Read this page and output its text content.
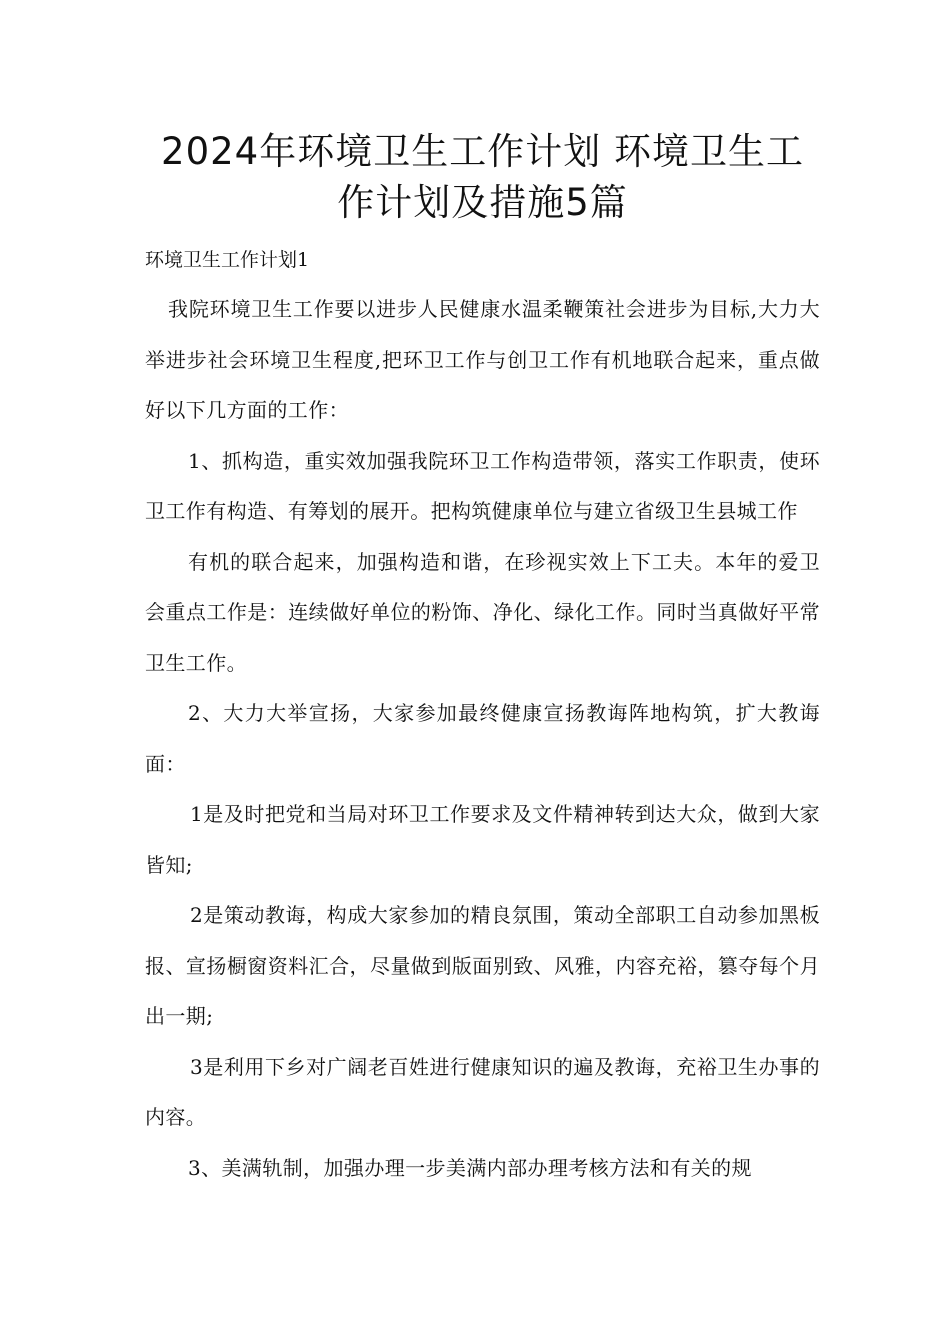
2024年环境卫生工作计划 环境卫生工
作计划及措施5篇
环境卫生工作计划1

我院环境卫生工作要以进步人民健康水温柔鞭策社会进步为目标,大力大举进步社会环境卫生程度,把环卫工作与创卫工作有机地联合起来，重点做好以下几方面的工作：

1、抓构造，重实效加强我院环卫工作构造带领，落实工作职责，使环卫工作有构造、有筹划的展开。把构筑健康单位与建立省级卫生县城工作

有机的联合起来，加强构造和谐，在珍视实效上下工夫。本年的爱卫会重点工作是：连续做好单位的粉饰、净化、绿化工作。同时当真做好平常卫生工作。

2、大力大举宣扬，大家参加最终健康宣扬教诲阵地构筑，扩大教诲面：

1是及时把党和当局对环卫工作要求及文件精神转到达大众，做到大家皆知;

2是策动教诲，构成大家参加的精良氛围，策动全部职工自动参加黑板报、宣扬橱窗资料汇合，尽量做到版面别致、风雅，内容充裕，篡夺每个月出一期;

3是利用下乡对广阔老百姓进行健康知识的遍及教诲，充裕卫生办事的内容。

3、美满轨制，加强办理一步美满内部办理考核方法和有关的规
